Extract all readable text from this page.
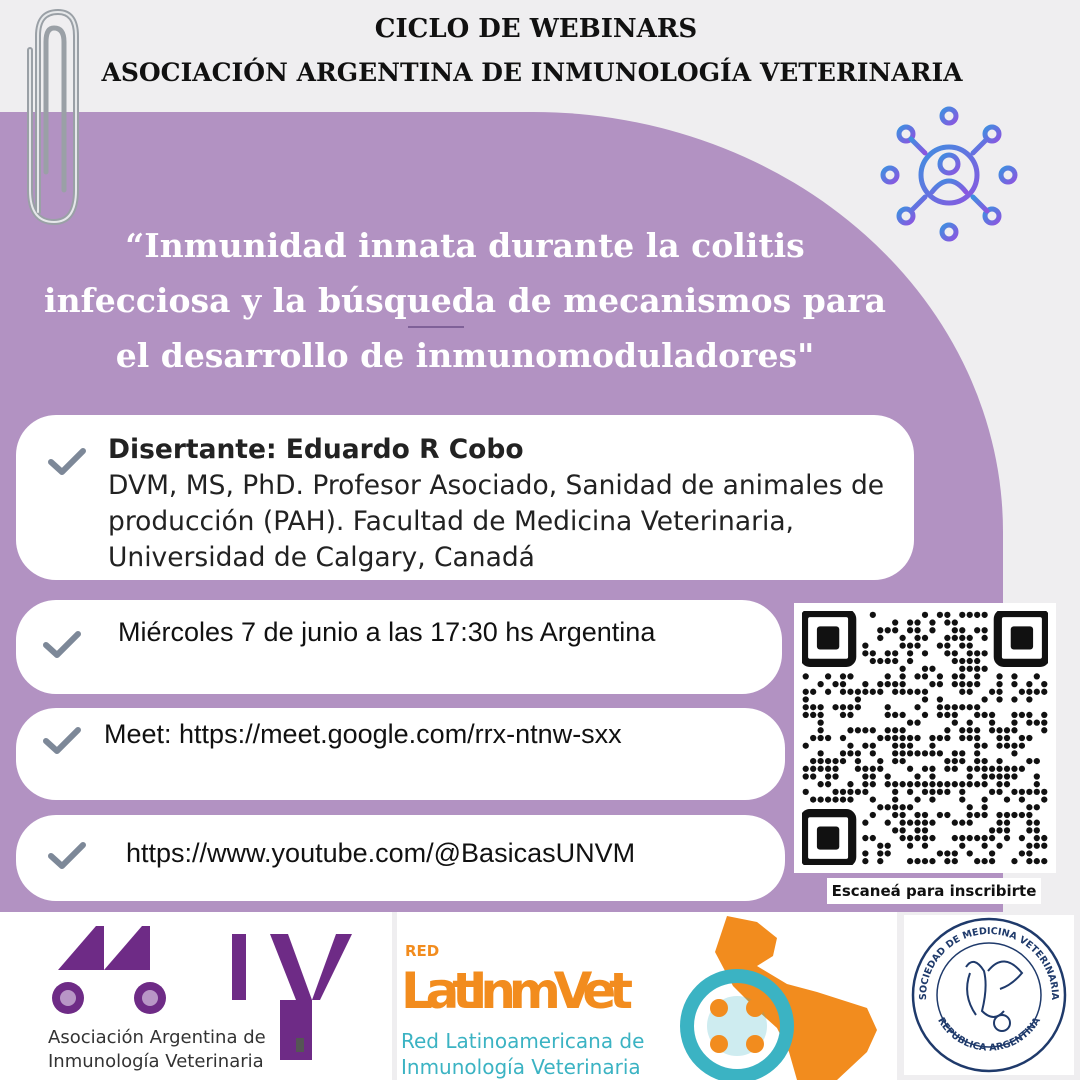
CICLO DE WEBINARS
ASOCIACIÓN ARGENTINA DE INMUNOLOGÍA VETERINARIA
“Inmunidad innata durante la colitis
infecciosa y la búsqueda de mecanismos para
el desarrollo de inmunomoduladores"
Disertante: Eduardo R Cobo
DVM, MS, PhD. Profesor Asociado, Sanidad de animales de producción (PAH). Facultad de Medicina Veterinaria, Universidad de Calgary, Canadá
Miércoles 7 de junio a las 17:30 hs Argentina
Meet: https://meet.google.com/rrx-ntnw-sxx
https://www.youtube.com/@BasicasUNVM
Escaneá para inscribirte
Asociación Argentina de
Inmunología Veterinaria
RED
LatInmVet
Red Latinoamericana de
Inmunología Veterinaria
SOCIEDAD DE MEDICINA VETERINARIA
REPUBLICA ARGENTINA
